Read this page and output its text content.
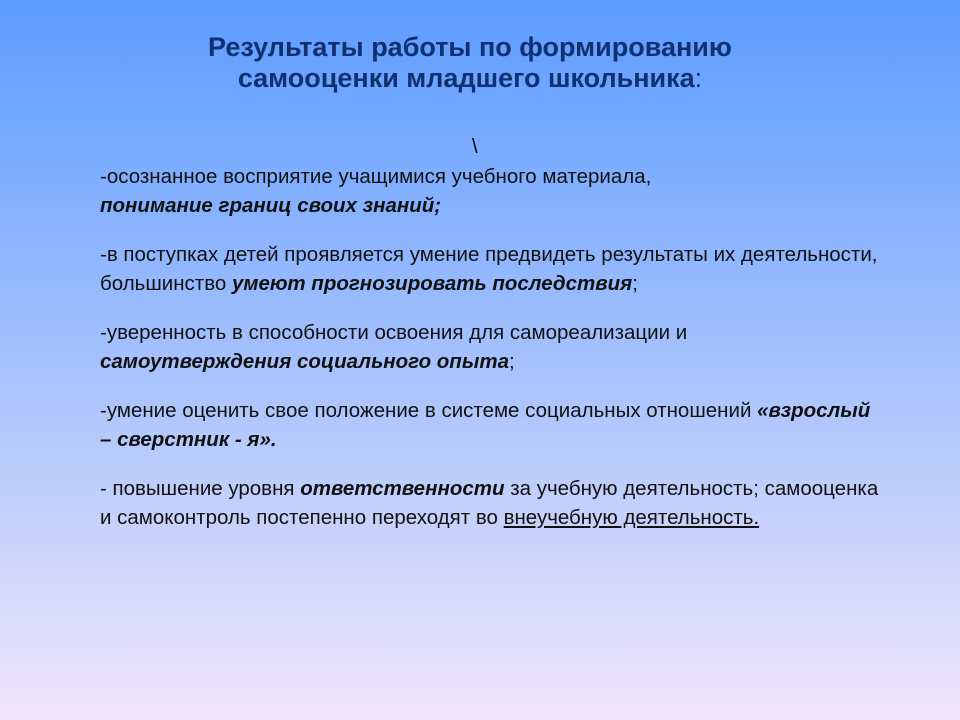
Результаты работы по формированию
самооценки младшего школьника:
\
-осознанное восприятие учащимися учебного материала,
понимание границ своих знаний;
-в поступках детей проявляется умение предвидеть результаты их деятельности, большинство умеют прогнозировать последствия;
-уверенность в способности освоения для самореализации и
самоутверждения социального опыта;
-умение оценить свое положение в системе социальных отношений «взрослый – сверстник - я».
- повышение уровня ответственности за учебную деятельность; самооценка и самоконтроль постепенно переходят во внеучебную деятельность.
